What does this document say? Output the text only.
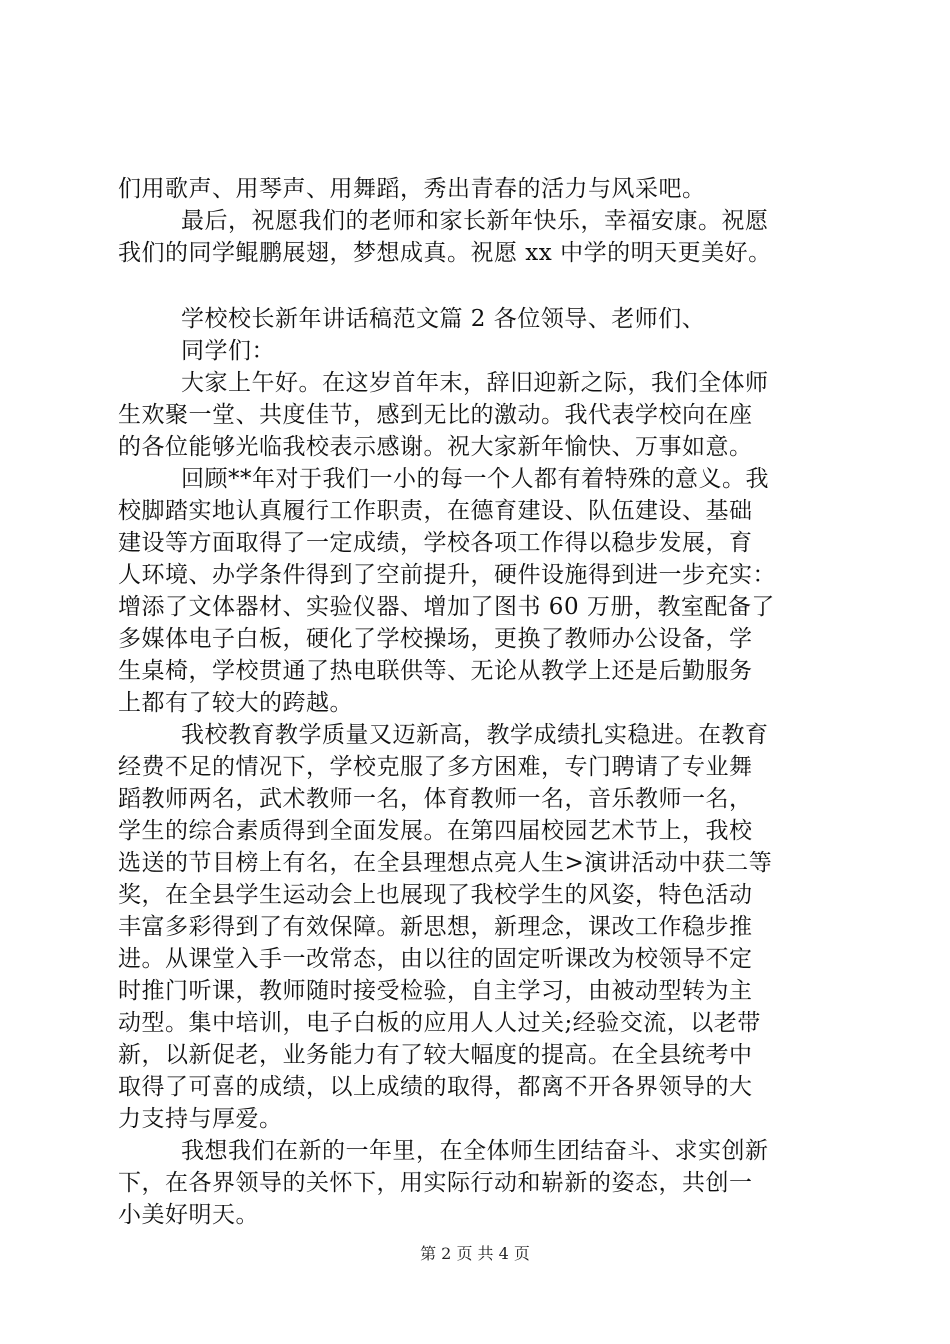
们用歌声、用琴声、用舞蹈，秀出青春的活力与风采吧。
最后，祝愿我们的老师和家长新年快乐，幸福安康。祝愿
我们的同学鲲鹏展翅，梦想成真。祝愿 xx 中学的明天更美好。
学校校长新年讲话稿范文篇 2 各位领导、老师们、
同学们：
大家上午好。在这岁首年末，辞旧迎新之际，我们全体师
生欢聚一堂、共度佳节，感到无比的激动。我代表学校向在座
的各位能够光临我校表示感谢。祝大家新年愉快、万事如意。
回顾**年对于我们一小的每一个人都有着特殊的意义。我
校脚踏实地认真履行工作职责，在德育建设、队伍建设、基础
建设等方面取得了一定成绩，学校各项工作得以稳步发展，育
人环境、办学条件得到了空前提升，硬件设施得到进一步充实：
增添了文体器材、实验仪器、增加了图书 60 万册，教室配备了
多媒体电子白板，硬化了学校操场，更换了教师办公设备，学
生桌椅，学校贯通了热电联供等、无论从教学上还是后勤服务
上都有了较大的跨越。
我校教育教学质量又迈新高，教学成绩扎实稳进。在教育
经费不足的情况下，学校克服了多方困难，专门聘请了专业舞
蹈教师两名，武术教师一名，体育教师一名，音乐教师一名，
学生的综合素质得到全面发展。在第四届校园艺术节上，我校
选送的节目榜上有名，在全县理想点亮人生>演讲活动中获二等
奖，在全县学生运动会上也展现了我校学生的风姿，特色活动
丰富多彩得到了有效保障。新思想，新理念，课改工作稳步推
进。从课堂入手一改常态，由以往的固定听课改为校领导不定
时推门听课，教师随时接受检验，自主学习，由被动型转为主
动型。集中培训，电子白板的应用人人过关;经验交流，以老带
新，以新促老，业务能力有了较大幅度的提高。在全县统考中
取得了可喜的成绩，以上成绩的取得，都离不开各界领导的大
力支持与厚爱。
我想我们在新的一年里，在全体师生团结奋斗、求实创新
下，在各界领导的关怀下，用实际行动和崭新的姿态，共创一
小美好明天。
第 2 页 共 4 页
